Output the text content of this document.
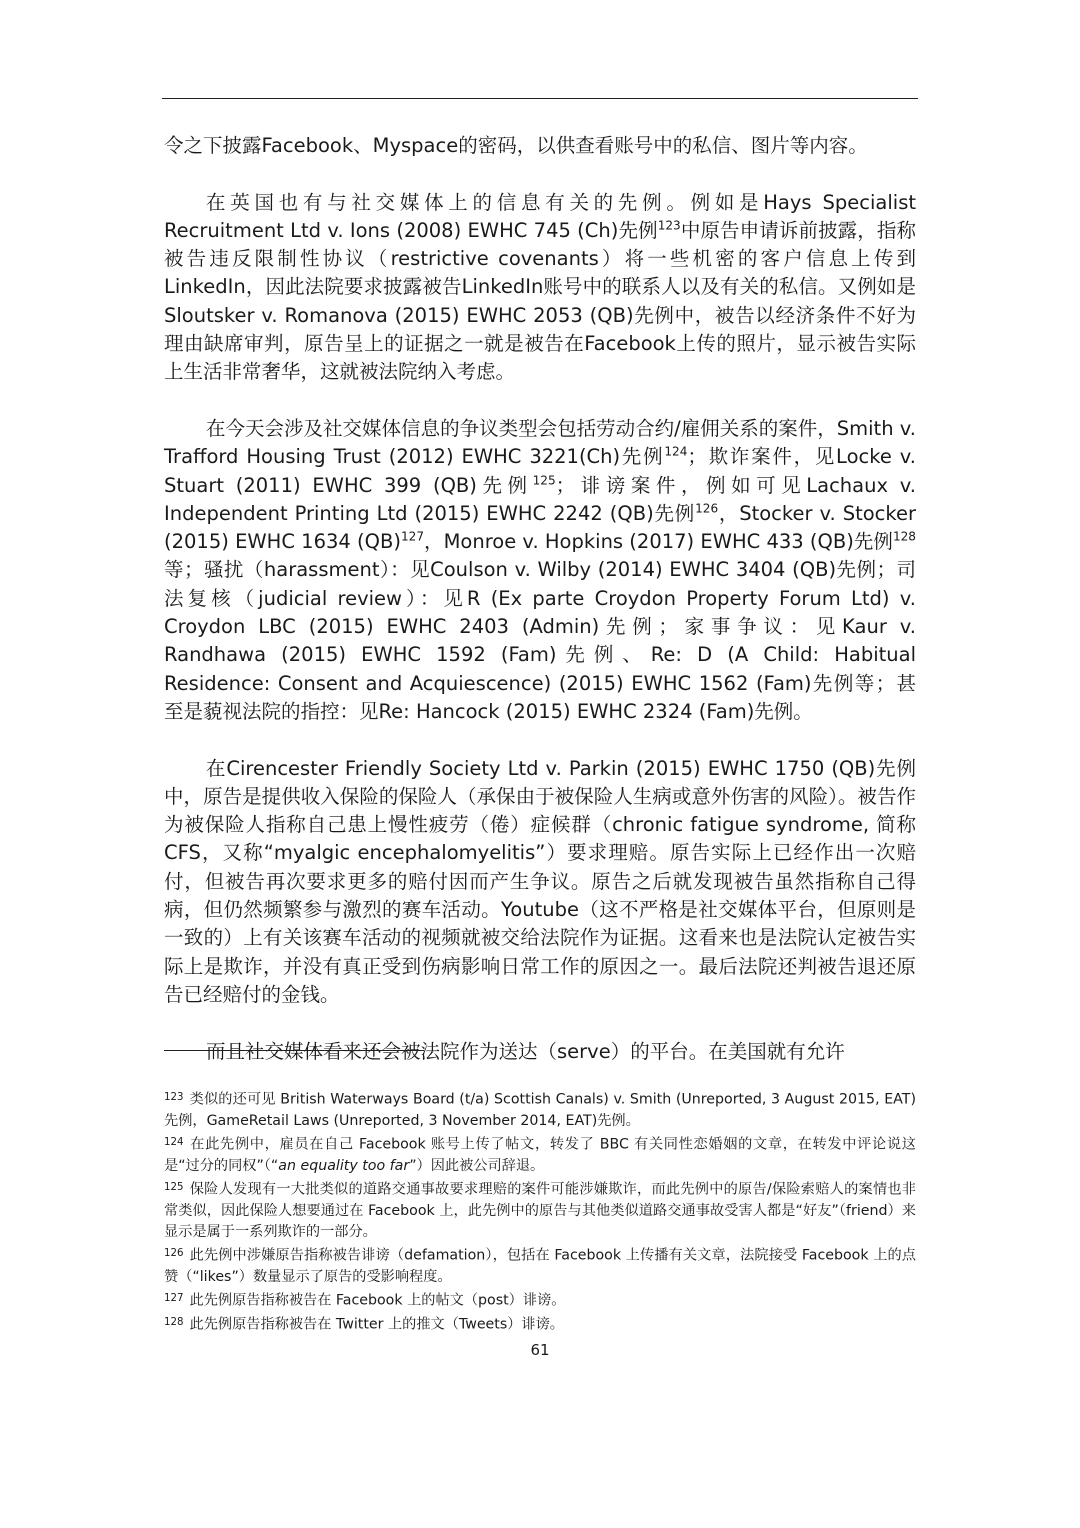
令之下披露Facebook、Myspace的密码，以供查看账号中的私信、图片等内容。

在英国也有与社交媒体上的信息有关的先例。例如是Hays Specialist Recruitment Ltd v. Ions (2008) EWHC 745 (Ch)先例$^{123}$中原告申请诉前披露，指称被告违反限制性协议（restrictive covenants）将一些机密的客户信息上传到LinkedIn，因此法院要求披露被告LinkedIn账号中的联系人以及有关的私信。又例如是Sloutsker v. Romanova (2015) EWHC 2053 (QB)先例中，被告以经济条件不好为理由缺席审判，原告呈上的证据之一就是被告在Facebook上传的照片，显示被告实际上生活非常奢华，这就被法院纳入考虑。

在今天会涉及社交媒体信息的争议类型会包括劳动合约/雇佣关系的案件，Smith v. Trafford Housing Trust (2012) EWHC 3221(Ch)先例$^{124}$；欺诈案件，见Locke v. Stuart (2011) EWHC 399 (QB)先例$^{125}$；诽谤案件，例如可见Lachaux v. Independent Printing Ltd (2015) EWHC 2242 (QB)先例$^{126}$，Stocker v. Stocker (2015) EWHC 1634 (QB)$^{127}$，Monroe v. Hopkins (2017) EWHC 433 (QB)先例$^{128}$等；骚扰（harassment）：见Coulson v. Wilby (2014) EWHC 3404 (QB)先例；司法复核（judicial review）：见R (Ex parte Croydon Property Forum Ltd) v. Croydon LBC (2015) EWHC 2403 (Admin)先例；家事争议：见Kaur v. Randhawa (2015) EWHC 1592 (Fam)先例、Re: D (A Child: Habitual Residence: Consent and Acquiescence) (2015) EWHC 1562 (Fam)先例等；甚至是藐视法院的指控：见Re: Hancock (2015) EWHC 2324 (Fam)先例。

在Cirencester Friendly Society Ltd v. Parkin (2015) EWHC 1750 (QB)先例中，原告是提供收入保险的保险人（承保由于被保险人生病或意外伤害的风险）。被告作为被保险人指称自己患上慢性疲劳（倦）症候群（chronic fatigue syndrome, 简称CFS，又称“myalgic encephalomyelitis”）要求理赔。原告实际上已经作出一次赔付，但被告再次要求更多的赔付因而产生争议。原告之后就发现被告虽然指称自己得病，但仍然频繁参与激烈的赛车活动。Youtube（这不严格是社交媒体平台，但原则是一致的）上有关该赛车活动的视频就被交给法院作为证据。这看来也是法院认定被告实际上是欺诈，并没有真正受到伤病影响日常工作的原因之一。最后法院还判被告退还原告已经赔付的金钱。

而且社交媒体看来还会被法院作为送达（serve）的平台。在美国就有允许

$^{123}$ 类似的还可见 British Waterways Board (t/a) Scottish Canals) v. Smith (Unreported, 3 August 2015, EAT)先例，GameRetail Laws (Unreported, 3 November 2014, EAT)先例。

$^{124}$ 在此先例中，雇员在自己 Facebook 账号上传了帖文，转发了 BBC 有关同性恋婚姻的文章，在转发中评论说这是“过分的同权”（“an equality too far”）因此被公司辞退。

$^{125}$ 保险人发现有一大批类似的道路交通事故要求理赔的案件可能涉嫌欺诈，而此先例中的原告/保险索赔人的案情也非常类似，因此保险人想要通过在 Facebook 上，此先例中的原告与其他类似道路交通事故受害人都是“好友”（friend）来显示是属于一系列欺诈的一部分。

$^{126}$ 此先例中涉嫌原告指称被告诽谤（defamation），包括在 Facebook 上传播有关文章，法院接受 Facebook 上的点赞（“likes”）数量显示了原告的受影响程度。

$^{127}$ 此先例原告指称被告在 Facebook 上的帖文（post）诽谤。

$^{128}$ 此先例原告指称被告在 Twitter 上的推文（Tweets）诽谤。

61
